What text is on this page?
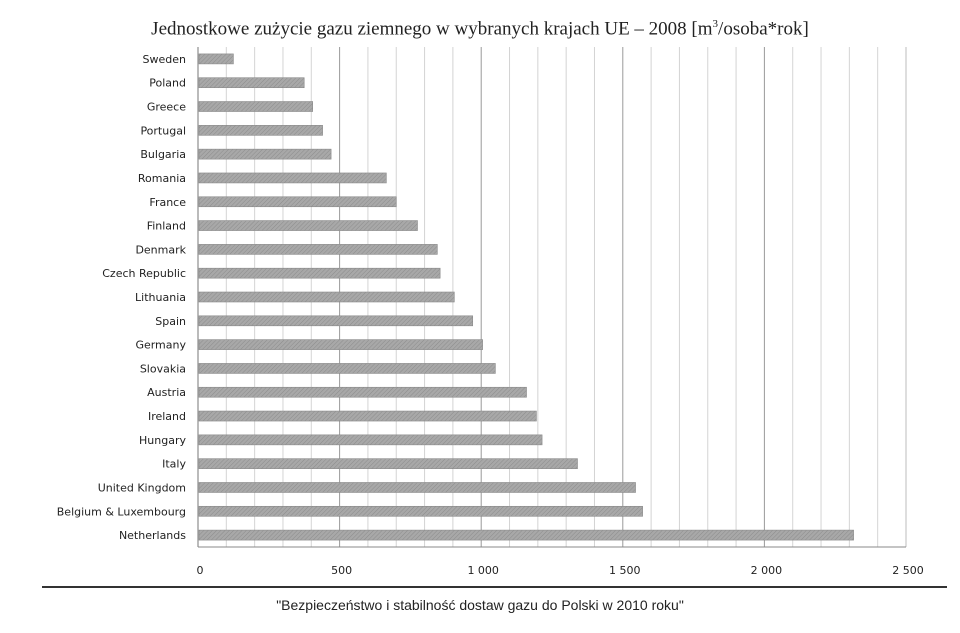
Jednostkowe zużycie gazu ziemnego w wybranych krajach UE – 2008 $[m^3/osoba*rok]$
Sweden
Poland
Greece
Portugal
Bulgaria
Romania
France
Finland
Denmark
Czech Republic
Lithuania
Spain
Germany
Slovakia
Austria
Ireland
Hungary
Italy
United Kingdom
Belgium & Luxembourg
Netherlands
0	500	1 000	1 500	2 000	2 500
"Bezpieczeństwo i stabilność dostaw gazu do Polski w 2010 roku"
